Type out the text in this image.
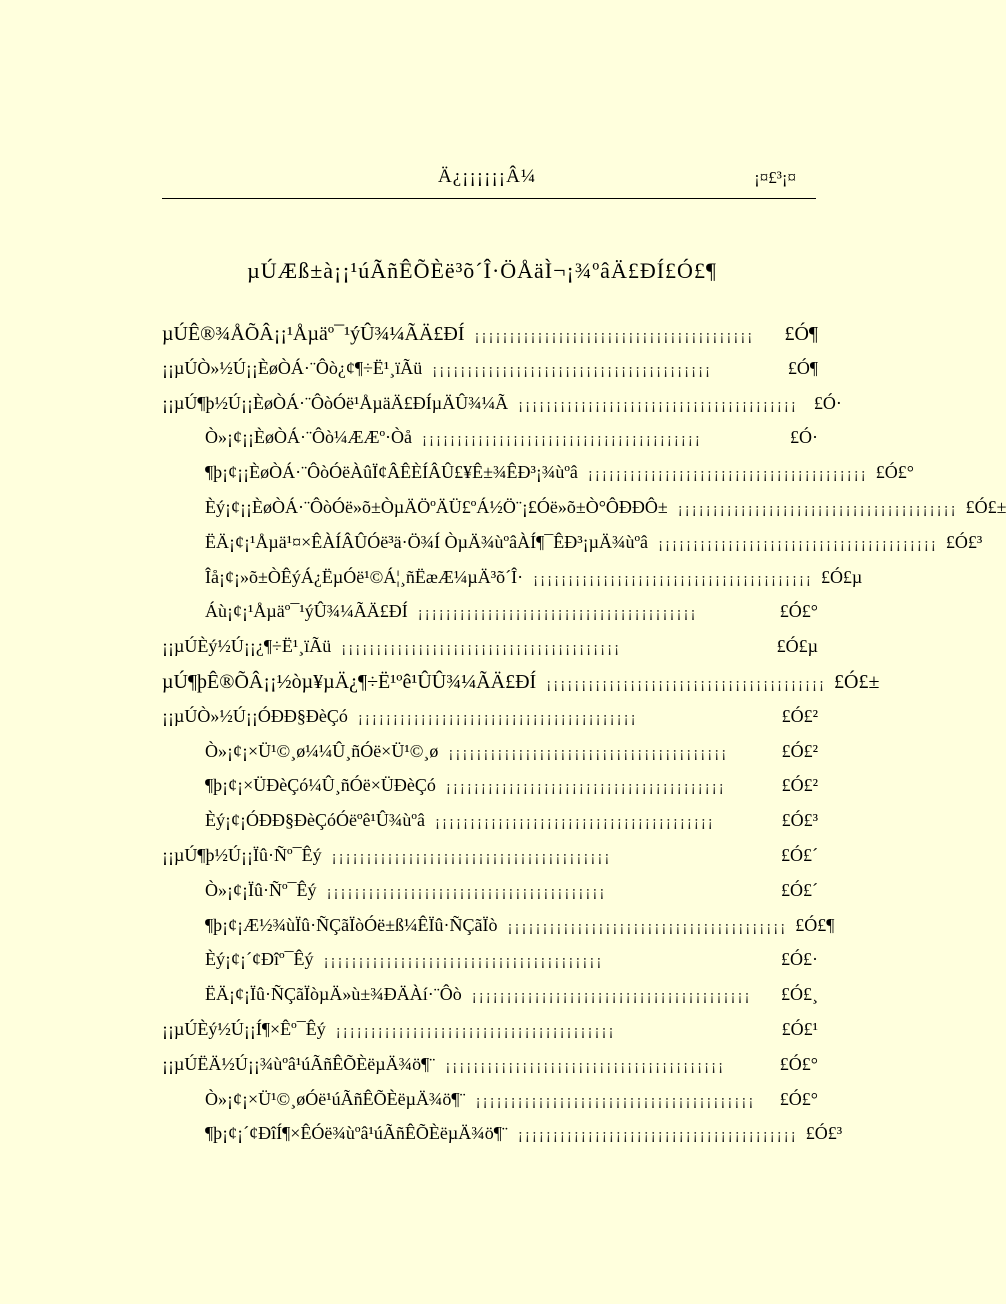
Ä¿¡¡¡¡¡¡Â¼	¡¤£³¡¤
µÚÆß±à¡¡¹úÃñÊÕÈë³õ´Î·ÖÅäÌ¬¡¾ºâÄ£ÐÍ£Ó£¶
µÚÊ®¾ÅÕÂ¡¡¹Åµäº¯¹ýÛ¾¼ÃÄ£ÐÍ ¡¡¡¡¡¡¡¡¡¡¡¡¡¡¡¡¡¡¡¡¡¡¡¡¡¡¡¡¡¡¡¡¡¡¡¡¡¡¡¡	£Ó¶
¡¡µÚÒ»½Ú¡¡ÈøÒÁ·¨Ôò¿¢¶÷Ë¹¸ïÃü ¡¡¡¡¡¡¡¡¡¡¡¡¡¡¡¡¡¡¡¡¡¡¡¡¡¡¡¡¡¡¡¡¡¡¡¡¡¡¡¡	£Ó¶
¡¡µÚ¶þ½Ú¡¡ÈøÒÁ·¨ÔòÓë¹ÅµäÄ£ÐÍµÄÛ¾¼Ã ¡¡¡¡¡¡¡¡¡¡¡¡¡¡¡¡¡¡¡¡¡¡¡¡¡¡¡¡¡¡¡¡¡¡¡¡¡¡¡¡ £Ó·
Ò»¡¢¡¡ÈøÒÁ·¨Ôò¼ÆÆº·Òå ¡¡¡¡¡¡¡¡¡¡¡¡¡¡¡¡¡¡¡¡¡¡¡¡¡¡¡¡¡¡¡¡¡¡¡¡¡¡¡¡	£Ó·
¶þ¡¢¡¡ÈøÒÁ·¨ÔòÓëÀûÏ¢ÂÊÈÍÂÛ£¥Ê±¾ÊÐ³¡¾ùºâ ¡¡¡¡¡¡¡¡¡¡¡¡¡¡¡¡¡¡¡¡¡¡¡¡¡¡¡¡¡¡¡¡¡¡¡¡¡¡¡¡ £Ó£°
Èý¡¢¡¡ÈøÒÁ·¨ÔòÓë»õ±ÒµÄÖºÄÜ£ºÁ½Ö¨¡£Óë»õ±Ò°ÔÐÐÔ± ¡¡¡¡¡¡¡¡¡¡¡¡¡¡¡¡¡¡¡¡¡¡¡¡¡¡¡¡¡¡¡¡¡¡¡¡¡¡¡¡ £Ó£±
ËÄ¡¢¡¹Åµä¹¤×ÊÀÍÂÛÓë³ä·Ö¾Í ÒµÄ¾ùºâÀÍ¶¯ÊÐ³¡µÄ¾ùºâ ¡¡¡¡¡¡¡¡¡¡¡¡¡¡¡¡¡¡¡¡¡¡¡¡¡¡¡¡¡¡¡¡¡¡¡¡¡¡¡¡ £Ó£³
Îå¡¢¡»õ±ÒÊýÁ¿ËµÓë¹©Á¦¸ñËæÆ¼µÄ³õ´Î· ¡¡¡¡¡¡¡¡¡¡¡¡¡¡¡¡¡¡¡¡¡¡¡¡¡¡¡¡¡¡¡¡¡¡¡¡¡¡¡¡ £Ó£µ
Áù¡¢¡¹Åµäº¯¹ýÛ¾¼ÃÄ£ÐÍ ¡¡¡¡¡¡¡¡¡¡¡¡¡¡¡¡¡¡¡¡¡¡¡¡¡¡¡¡¡¡¡¡¡¡¡¡¡¡¡¡	£Ó£°
¡¡µÚÈý½Ú¡¡¿¶÷Ë¹¸ïÃü ¡¡¡¡¡¡¡¡¡¡¡¡¡¡¡¡¡¡¡¡¡¡¡¡¡¡¡¡¡¡¡¡¡¡¡¡¡¡¡¡	£Ó£µ
µÚ¶þÊ®ÕÂ¡¡½òµ¥µÄ¿¶÷Ë¹ºê¹ÛÛ¾¼ÃÄ£ÐÍ ¡¡¡¡¡¡¡¡¡¡¡¡¡¡¡¡¡¡¡¡¡¡¡¡¡¡¡¡¡¡¡¡¡¡¡¡¡¡¡¡ £Ó£±
¡¡µÚÒ»½Ú¡¡ÓÐÐ§ÐèÇó ¡¡¡¡¡¡¡¡¡¡¡¡¡¡¡¡¡¡¡¡¡¡¡¡¡¡¡¡¡¡¡¡¡¡¡¡¡¡¡¡	£Ó£²
Ò»¡¢¡×Ü¹©¸ø¼¼Û¸ñÓë×Ü¹©¸ø ¡¡¡¡¡¡¡¡¡¡¡¡¡¡¡¡¡¡¡¡¡¡¡¡¡¡¡¡¡¡¡¡¡¡¡¡¡¡¡¡	£Ó£²
¶þ¡¢¡×ÜÐèÇó¼Û¸ñÓë×ÜÐèÇó ¡¡¡¡¡¡¡¡¡¡¡¡¡¡¡¡¡¡¡¡¡¡¡¡¡¡¡¡¡¡¡¡¡¡¡¡¡¡¡¡	£Ó£²
Èý¡¢¡ÓÐÐ§ÐèÇóÓëºê¹Û¾ùºâ ¡¡¡¡¡¡¡¡¡¡¡¡¡¡¡¡¡¡¡¡¡¡¡¡¡¡¡¡¡¡¡¡¡¡¡¡¡¡¡¡	£Ó£³
¡¡µÚ¶þ½Ú¡¡Ïû·Ñº¯Êý ¡¡¡¡¡¡¡¡¡¡¡¡¡¡¡¡¡¡¡¡¡¡¡¡¡¡¡¡¡¡¡¡¡¡¡¡¡¡¡¡	£Ó£´
Ò»¡¢¡Ïû·Ñº¯Êý ¡¡¡¡¡¡¡¡¡¡¡¡¡¡¡¡¡¡¡¡¡¡¡¡¡¡¡¡¡¡¡¡¡¡¡¡¡¡¡¡	£Ó£´
¶þ¡¢¡Æ½¾ùÏû·ÑÇãÏòÓë±ß¼ÊÏû·ÑÇãÏò ¡¡¡¡¡¡¡¡¡¡¡¡¡¡¡¡¡¡¡¡¡¡¡¡¡¡¡¡¡¡¡¡¡¡¡¡¡¡¡¡ £Ó£¶
Èý¡¢¡´¢Ðîº¯Êý ¡¡¡¡¡¡¡¡¡¡¡¡¡¡¡¡¡¡¡¡¡¡¡¡¡¡¡¡¡¡¡¡¡¡¡¡¡¡¡¡	£Ó£·
ËÄ¡¢¡Ïû·ÑÇãÏòµÄ»ù±¾ÐÄÀí·¨Ôò ¡¡¡¡¡¡¡¡¡¡¡¡¡¡¡¡¡¡¡¡¡¡¡¡¡¡¡¡¡¡¡¡¡¡¡¡¡¡¡¡	£Ó£¸
¡¡µÚÈý½Ú¡¡Í¶×Êº¯Êý ¡¡¡¡¡¡¡¡¡¡¡¡¡¡¡¡¡¡¡¡¡¡¡¡¡¡¡¡¡¡¡¡¡¡¡¡¡¡¡¡	£Ó£¹
¡¡µÚËÄ½Ú¡¡¾ùºâ¹úÃñÊÕÈëµÄ¾ö¶¨ ¡¡¡¡¡¡¡¡¡¡¡¡¡¡¡¡¡¡¡¡¡¡¡¡¡¡¡¡¡¡¡¡¡¡¡¡¡¡¡¡	£Ó£°
Ò»¡¢¡×Ü¹©¸øÓë¹úÃñÊÕÈëµÄ¾ö¶¨ ¡¡¡¡¡¡¡¡¡¡¡¡¡¡¡¡¡¡¡¡¡¡¡¡¡¡¡¡¡¡¡¡¡¡¡¡¡¡¡¡	£Ó£°
¶þ¡¢¡´¢ÐîÍ¶×ÊÓë¾ùºâ¹úÃñÊÕÈëµÄ¾ö¶¨ ¡¡¡¡¡¡¡¡¡¡¡¡¡¡¡¡¡¡¡¡¡¡¡¡¡¡¡¡¡¡¡¡¡¡¡¡¡¡¡¡ £Ó£³
